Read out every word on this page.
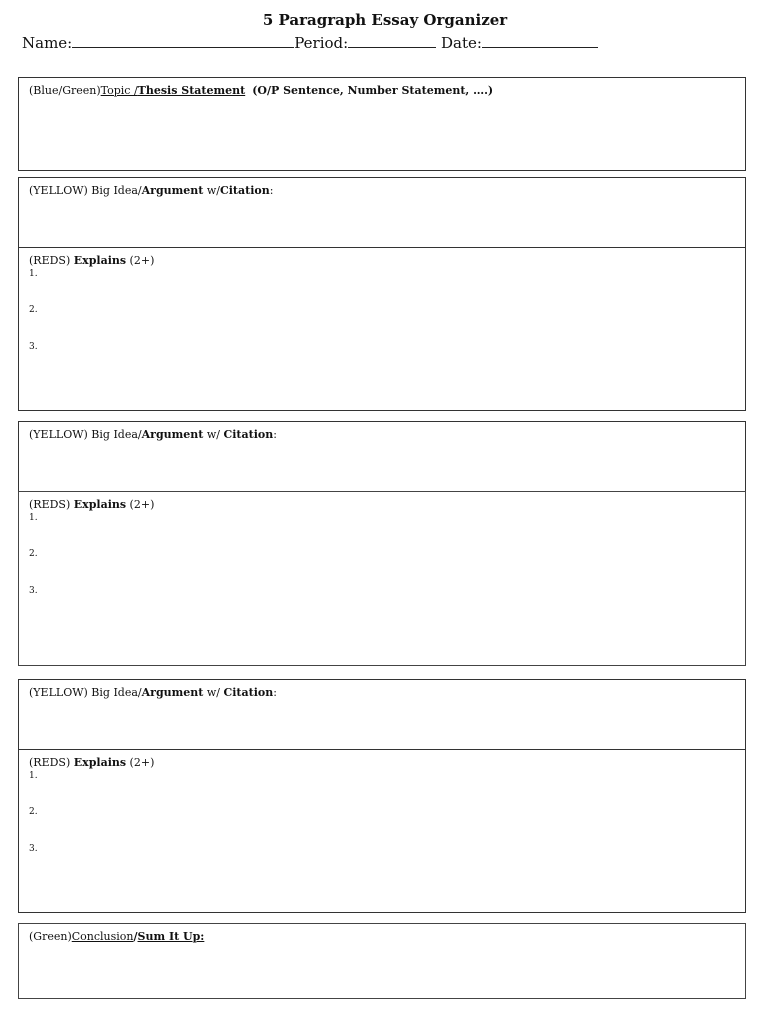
5 Paragraph Essay Organizer
Name:	Period:	Date:
(Blue/Green)Topic /Thesis Statement (O/P Sentence, Number Statement, ….)
(YELLOW) Big Idea/Argument w/Citation:
(REDS) Explains (2+)
1.
2.
3.
(YELLOW) Big Idea/Argument w/ Citation:
(REDS) Explains (2+)
1.
2.
3.
(YELLOW) Big Idea/Argument w/ Citation:
(REDS) Explains (2+)
1.
2.
3.
(Green)Conclusion/Sum It Up:
